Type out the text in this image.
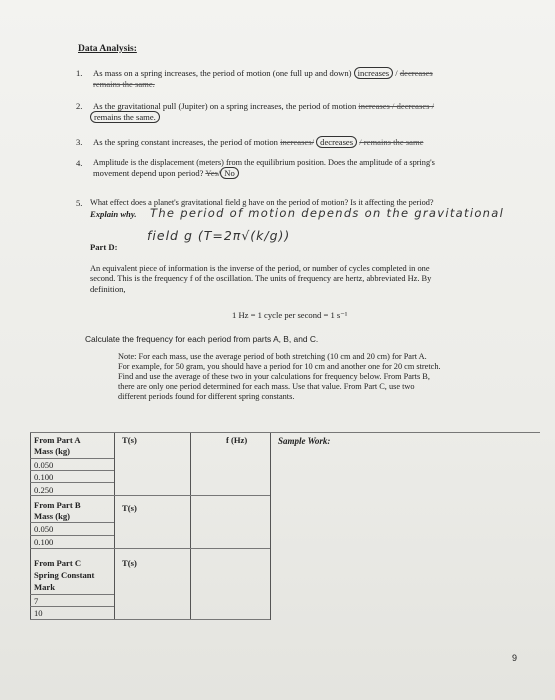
Data Analysis:
1. As mass on a spring increases, the period of motion (one full up and down) increases / decreases
remains the same.
2. As the gravitational pull (Jupiter) on a spring increases, the period of motion increases / decreases /
remains the same.
3. As the spring constant increases, the period of motion increases/ decreases / remains the same
4. Amplitude is the displacement (meters) from the equilibrium position. Does the amplitude of a spring's
movement depend upon period? Yes/ No
5. What effect does a planet's gravitational field g have on the period of motion? Is it affecting the period?
Explain why. The period of motion depends on the gravitational
field g (T=2π√(k/g))
Part D:
An equivalent piece of information is the inverse of the period, or number of cycles completed in one
second. This is the frequency f of the oscillation. The units of frequency are hertz, abbreviated Hz. By
definition,
1 Hz = 1 cycle per second = 1 s⁻¹
Calculate the frequency for each period from parts A, B, and C.
Note: For each mass, use the average period of both stretching (10 cm and 20 cm) for Part A.
For example, for 50 gram, you should have a period for 10 cm and another one for 20 cm stretch.
Find and use the average of these two in your calculations for frequency below. From Parts B,
there are only one period determined for each mass. Use that value. From Part C, use two
different periods found for different spring constants.
From Part A
Mass (kg)
T(s)	f (Hz)	Sample Work:
0.050
0.100
0.250
From Part B
Mass (kg)
T(s)
0.050
0.100
From Part C
Spring Constant
Mark
T(s)
7
10
9
